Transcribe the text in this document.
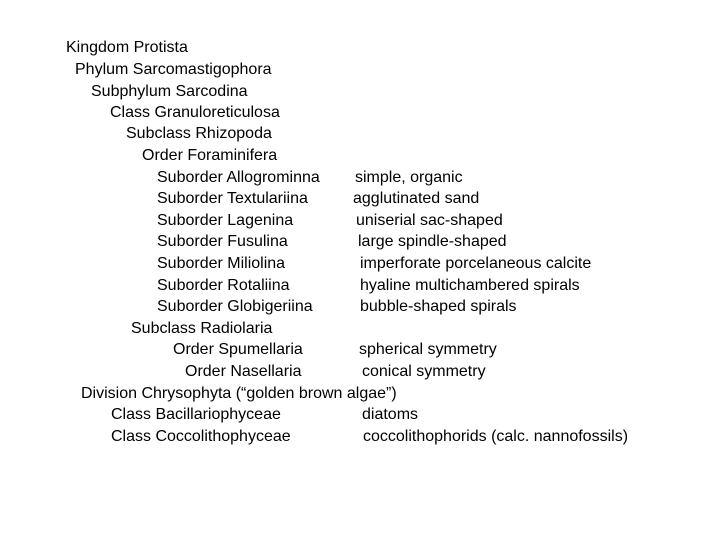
Kingdom Protista
Phylum Sarcomastigophora
Subphylum Sarcodina
Class Granuloreticulosa
Subclass Rhizopoda
Order Foraminifera
Suborder Allogrominna simple, organic
Suborder Textulariina	agglutinated sand
Suborder Lagenina	uniserial sac-shaped
Suborder Fusulina	large spindle-shaped
Suborder Miliolina	imperforate porcelaneous calcite
Suborder Rotaliina	hyaline multichambered spirals
Suborder Globigeriina	bubble-shaped spirals
Subclass Radiolaria
Order Spumellaria	spherical symmetry
Order Nasellaria	conical symmetry
Division Chrysophyta (“golden brown algae”)
Class Bacillariophyceae	diatoms
Class Coccolithophyceae	coccolithophorids (calc. nannofossils)
